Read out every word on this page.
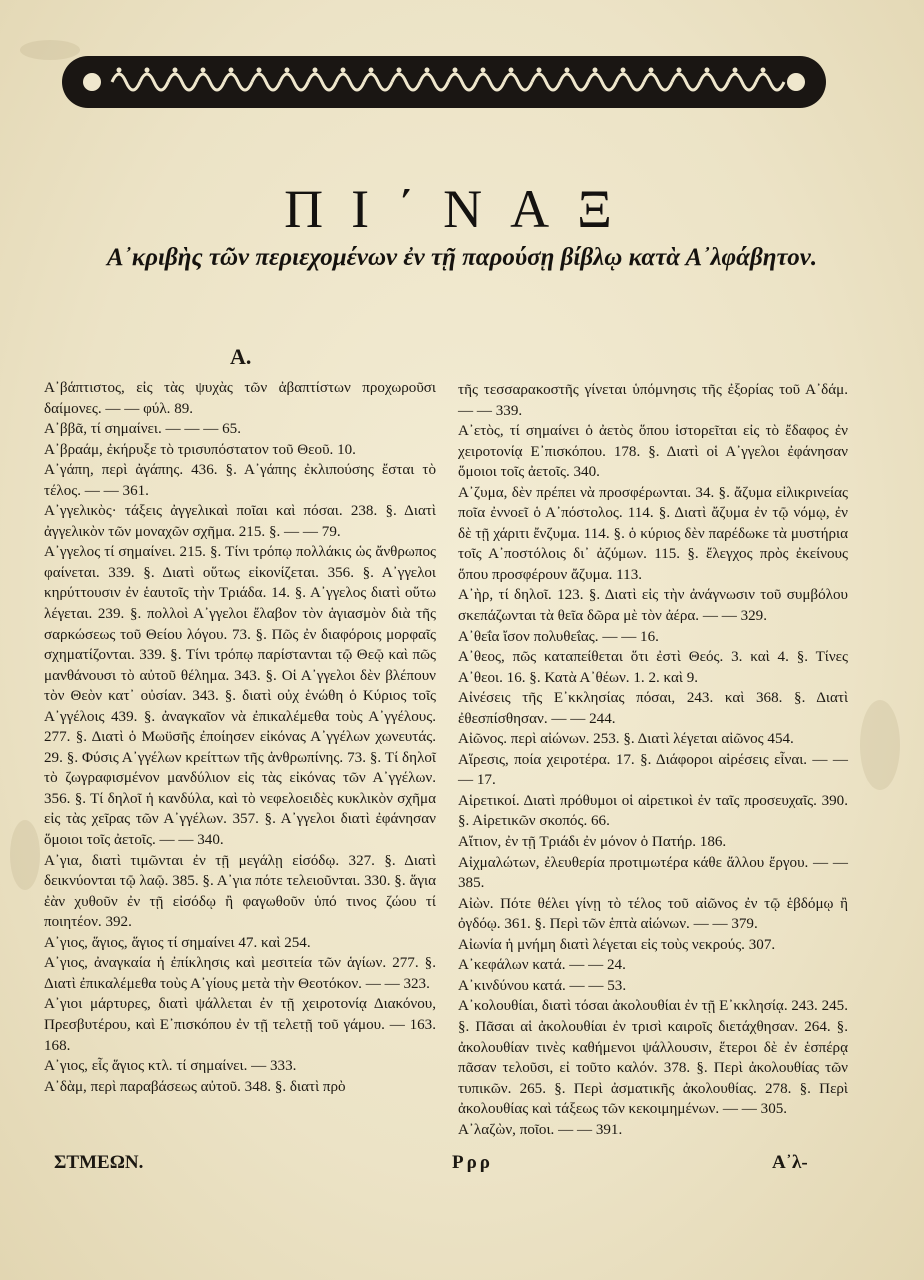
ΠΙ΄ΝΑΞ
Α᾽κριβὴς τῶν περιεχομένων ἐν τῇ παρούσῃ βίβλῳ κατὰ Α᾽λφάβητον.
Α.

Α᾽βάπτιστος, εἰς τὰς ψυχὰς τῶν ἀβαπτίστων προχωροῦσι δαίμονες. — — φύλ. 89.

Α᾽ββᾶ, τί σημαίνει. — — — 65.

Α᾽βραάμ, ἐκήρυξε τὸ τρισυπόστατον τοῦ Θεοῦ. 10.

Α᾽γάπη, περὶ ἀγάπης. 436. §. Α᾽γάπης ἐκλιπούσης ἔσται τὸ τέλος. — — 361.

Α᾽γγελικὸς· τάξεις ἀγγελικαὶ ποῖαι καὶ πόσαι. 238. §. Διατὶ ἀγγελικὸν τῶν μοναχῶν σχῆμα. 215. §. — — 79.

Α᾽γγελος τί σημαίνει. 215. §. Τίνι τρόπῳ πολλάκις ὡς ἄνθρωπος φαίνεται. 339. §. Διατὶ οὕτως εἰκονίζεται. 356. §. Α᾽γγελοι κηρύττουσιν ἐν ἑαυτοῖς τὴν Τριάδα. 14. §. Α᾽γγελος διατὶ οὕτω λέγεται. 239. §. πολλοὶ Α᾽γγελοι ἔλαβον τὸν ἁγιασμὸν διὰ τῆς σαρκώσεως τοῦ Θείου λόγου. 73. §. Πῶς ἐν διαφόροις μορφαῖς σχηματίζονται. 339. §. Τίνι τρόπῳ παρίστανται τῷ Θεῷ καὶ πῶς μανθάνουσι τὸ αὐτοῦ θέλημα. 343. §. Οἱ Α᾽γγελοι δὲν βλέπουν τὸν Θεὸν κατ᾽ οὐσίαν. 343. §. διατὶ οὐχ ἑνώθη ὁ Κύριος τοῖς Α᾽γγέλοις 439. §. ἀναγκαῖον νὰ ἐπικαλέμεθα τοὺς Α᾽γγέλους. 277. §. Διατὶ ὁ Μωϋσῆς ἐποίησεν εἰκόνας Α᾽γγέλων χωνευτάς. 29. §. Φύσις Α᾽γγέλων κρείττων τῆς ἀνθρωπίνης. 73. §. Τί δηλοῖ τὸ ζωγραφισμένον μανδύλιον εἰς τὰς εἰκόνας τῶν Α᾽γγέλων. 356. §. Τί δηλοῖ ἡ κανδύλα, καὶ τὸ νεφελοειδὲς κυκλικὸν σχῆμα εἰς τὰς χεῖρας τῶν Α᾽γγέλων. 357. §. Α᾽γγελοι διατὶ ἐφάνησαν ὅμοιοι τοῖς ἀετοῖς. — — 340.

Α᾽για, διατὶ τιμῶνται ἐν τῇ μεγάλῃ εἰσόδῳ. 327. §. Διατὶ δεικνύονται τῷ λαῷ. 385. §. Α᾽για πότε τελειοῦνται. 330. §. ἅγια ἐὰν χυθοῦν ἐν τῇ εἰσόδῳ ἢ φαγωθοῦν ὑπό τινος ζώου τί ποιητέον. 392.

Α᾽γιος, ἅγιος, ἅγιος τί σημαίνει 47. καὶ 254.

Α᾽γιος, ἀναγκαία ἡ ἐπίκλησις καὶ μεσιτεία τῶν ἁγίων. 277. §. Διατὶ ἐπικαλέμεθα τοὺς Α᾽γίους μετὰ τὴν Θεοτόκον. — — 323.

Α᾽γιοι μάρτυρες, διατὶ ψάλλεται ἐν τῇ χειροτονίᾳ Διακόνου, Πρεσβυτέρου, καὶ Ε᾽πισκόπου ἐν τῇ τελετῇ τοῦ γάμου. — 163. 168.

Α᾽γιος, εἷς ἅγιος κτλ. τί σημαίνει. — 333.

Α᾽δὰμ, περὶ παραβάσεως αὐτοῦ. 348. §. διατὶ πρὸ

τῆς τεσσαρακοστῆς γίνεται ὑπόμνησις τῆς ἐξορίας τοῦ Α᾽δάμ. — — 339.

Α᾽ετὸς, τί σημαίνει ὁ ἀετὸς ὅπου ἱστορεῖται εἰς τὸ ἔδαφος ἐν χειροτονίᾳ Ε᾽πισκόπου. 178. §. Διατὶ οἱ Α᾽γγελοι ἐφάνησαν ὅμοιοι τοῖς ἀετοῖς. 340.

Α᾽ζυμα, δὲν πρέπει νὰ προσφέρωνται. 34. §. ἄζυμα εἰλικρινείας ποῖα ἐννοεῖ ὁ Α᾽πόστολος. 114. §. Διατὶ ἄζυμα ἐν τῷ νόμῳ, ἐν δὲ τῇ χάριτι ἔνζυμα. 114. §. ὁ κύριος δὲν παρέδωκε τὰ μυστήρια τοῖς Α᾽ποστόλοις δι᾽ ἀζύμων. 115. §. ἔλεγχος πρὸς ἐκείνους ὅπου προσφέρουν ἄζυμα. 113.

Α᾽ὴρ, τί δηλοῖ. 123. §. Διατὶ εἰς τὴν ἀνάγνωσιν τοῦ συμβόλου σκεπάζωνται τὰ θεῖα δῶρα μὲ τὸν ἀέρα. — — 329.

Α᾽θεΐα ἴσον πολυθεΐας. — — 16.

Α᾽θεος, πῶς καταπείθεται ὅτι ἐστὶ Θεός. 3. καὶ 4. §. Τίνες Α᾽θεοι. 16. §. Κατὰ Α᾽θέων. 1. 2. καὶ 9.

Αἰνέσεις τῆς Ε᾽κκλησίας πόσαι, 243. καὶ 368. §. Διατὶ ἐθεσπίσθησαν. — — 244.

Αἰῶνος. περὶ αἰώνων. 253. §. Διατὶ λέγεται αἰῶνος 454.

Αἵρεσις, ποία χειροτέρα. 17. §. Διάφοροι αἱρέσεις εἶναι. — — — 17.

Αἱρετικοί. Διατὶ πρόθυμοι οἱ αἱρετικοὶ ἐν ταῖς προσευχαῖς. 390. §. Αἱρετικῶν σκοπός. 66.

Αἴτιον, ἐν τῇ Τριάδι ἐν μόνον ὁ Πατήρ. 186.

Αἰχμαλώτων, ἐλευθερία προτιμωτέρα κάθε ἄλλου ἔργου. — — 385.

Αἰὼν. Πότε θέλει γίνῃ τὸ τέλος τοῦ αἰῶνος ἐν τῷ ἑβδόμῳ ἢ ὀγδόῳ. 361. §. Περὶ τῶν ἑπτὰ αἰώνων. — — 379.

Αἰωνία ἡ μνήμη διατὶ λέγεται εἰς τοὺς νεκρούς. 307.

Α᾽κεφάλων κατά. — — 24.

Α᾽κινδύνου κατά. — — 53.

Α᾽κολουθίαι, διατὶ τόσαι ἀκολουθίαι ἐν τῇ Ε᾽κκλησίᾳ. 243. 245. §. Πᾶσαι αἱ ἀκολουθίαι ἐν τρισὶ καιροῖς διετάχθησαν. 264. §. ἀκολουθίαν τινὲς καθήμενοι ψάλλουσιν, ἕτεροι δὲ ἐν ἑσπέρᾳ πᾶσαν τελοῦσι, εἰ τοῦτο καλόν. 378. §. Περὶ ἀκολουθίας τῶν τυπικῶν. 265. §. Περὶ ἀσματικῆς ἀκολουθίας. 278. §. Περὶ ἀκολουθίας καὶ τάξεως τῶν κεκοιμημένων. — — 305.

Α᾽λαζὼν, ποῖοι. — — 391.

ΣΤΜΕΩΝ.	Ρρρ	Α᾽λ-
